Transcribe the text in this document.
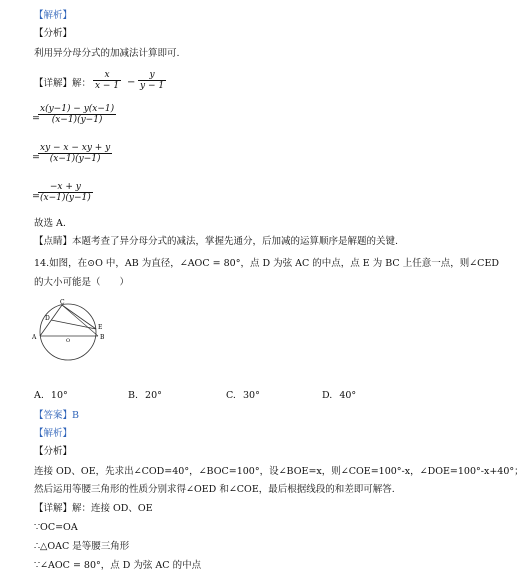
【解析】
【分析】
利用异分母分式的加减法计算即可.
【详解】解： $\frac{x}{x - 1} - \frac{y}{y - 1}$
=
$\frac{x(y-1) - y(x-1)}{(x-1)(y-1)}$
=
$\frac{xy - x - xy + y}{(x-1)(y-1)}$
=
$\frac{-x + y}{(x-1)(y-1)}$
故选 A.
【点睛】本题考查了异分母分式的减法，掌握先通分，后加减的运算顺序是解题的关键.
14.如图，在⊙O 中，AB 为直径，∠AOC = 80°，点 D 为弦 AC 的中点，点 E 为 BC 上任意一点，则∠CED
的大小可能是（　　）
C
A	B
E
D
O
A. 10°	B. 20°	C. 30°	D. 40°
【答案】B
【解析】
【分析】
连接 OD、OE，先求出∠COD=40°，∠BOC=100°，设∠BOE=x，则∠COE=100°-x，∠DOE=100°-x+40°；
然后运用等腰三角形的性质分别求得∠OED 和∠COE，最后根据线段的和差即可解答.
【详解】解：连接 OD、OE
∵OC=OA
∴△OAC 是等腰三角形
∵∠AOC = 80°，点 D 为弦 AC 的中点
